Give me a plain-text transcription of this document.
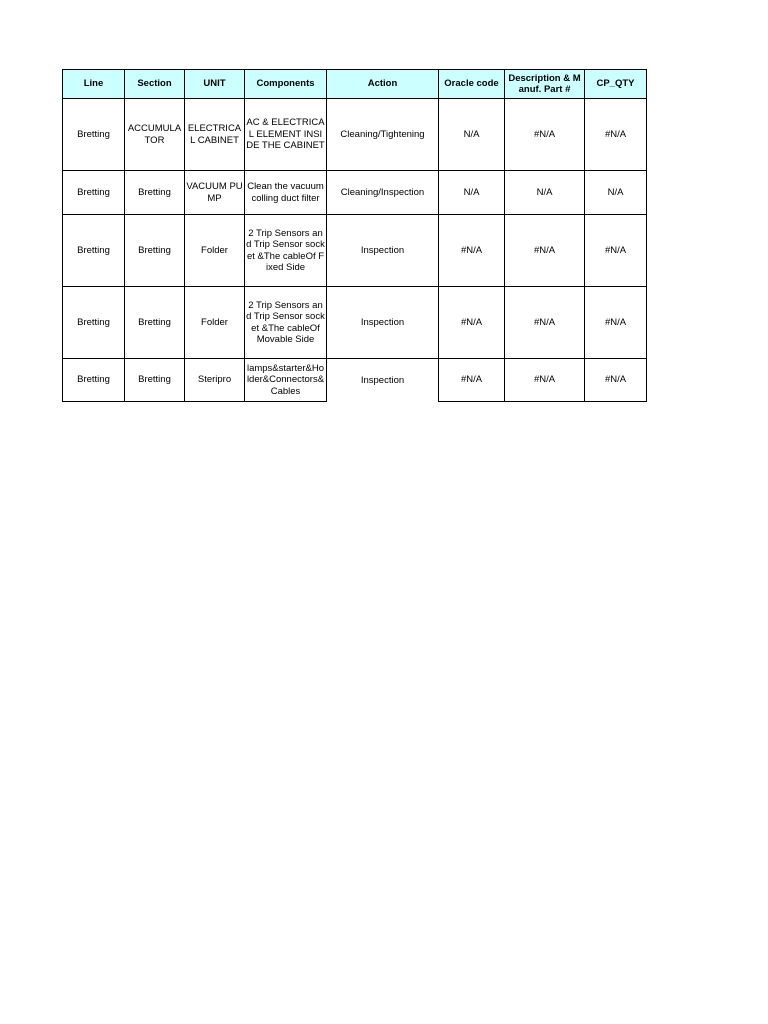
Line	Section	UNIT	Components	Action	Oracle code	Description & Manuf. Part #	CP_QTY
Bretting	ACCUMULATOR	ELECTRICAL CABINET	AC & ELECTRICAL ELEMENT INSIDE THE CABINET	Cleaning/Tightening	N/A	#N/A	#N/A
Bretting	Bretting	VACUUM PUMP	Clean the vacuum colling duct filter	Cleaning/Inspection	N/A	N/A	N/A
Bretting	Bretting	Folder	2 Trip Sensors and Trip Sensor socket &The cableOf Fixed Side	Inspection	#N/A	#N/A	#N/A
Bretting	Bretting	Folder	2 Trip Sensors and Trip Sensor socket &The cableOf Movable Side	Inspection	#N/A	#N/A	#N/A
Bretting	Bretting	Steripro	lamps&starter&Holder&Connectors&Cables	Inspection	#N/A	#N/A	#N/A
